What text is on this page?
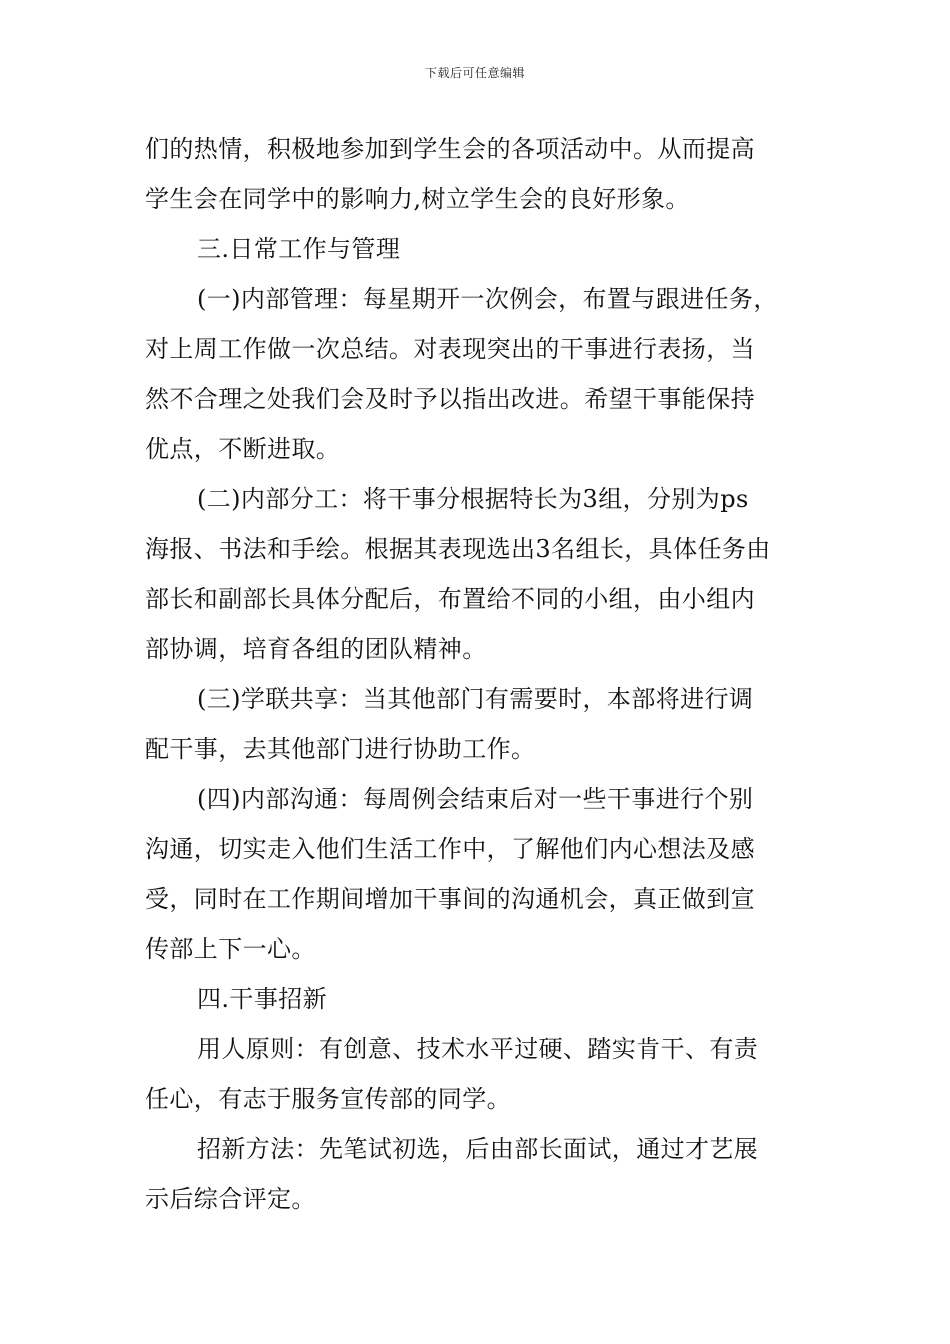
下载后可任意编辑
们的热情，积极地参加到学生会的各项活动中。从而提高
学生会在同学中的影响力,树立学生会的良好形象。
三.日常工作与管理
(一)内部管理：每星期开一次例会，布置与跟进任务，
对上周工作做一次总结。对表现突出的干事进行表扬，当
然不合理之处我们会及时予以指出改进。希望干事能保持
优点，不断进取。
(二)内部分工：将干事分根据特长为3组，分别为ps
海报、书法和手绘。根据其表现选出3名组长，具体任务由
部长和副部长具体分配后，布置给不同的小组，由小组内
部协调，培育各组的团队精神。
(三)学联共享：当其他部门有需要时，本部将进行调
配干事，去其他部门进行协助工作。
(四)内部沟通：每周例会结束后对一些干事进行个别
沟通，切实走入他们生活工作中，了解他们内心想法及感
受，同时在工作期间增加干事间的沟通机会，真正做到宣
传部上下一心。
四.干事招新
用人原则：有创意、技术水平过硬、踏实肯干、有责
任心，有志于服务宣传部的同学。
招新方法：先笔试初选，后由部长面试，通过才艺展
示后综合评定。
